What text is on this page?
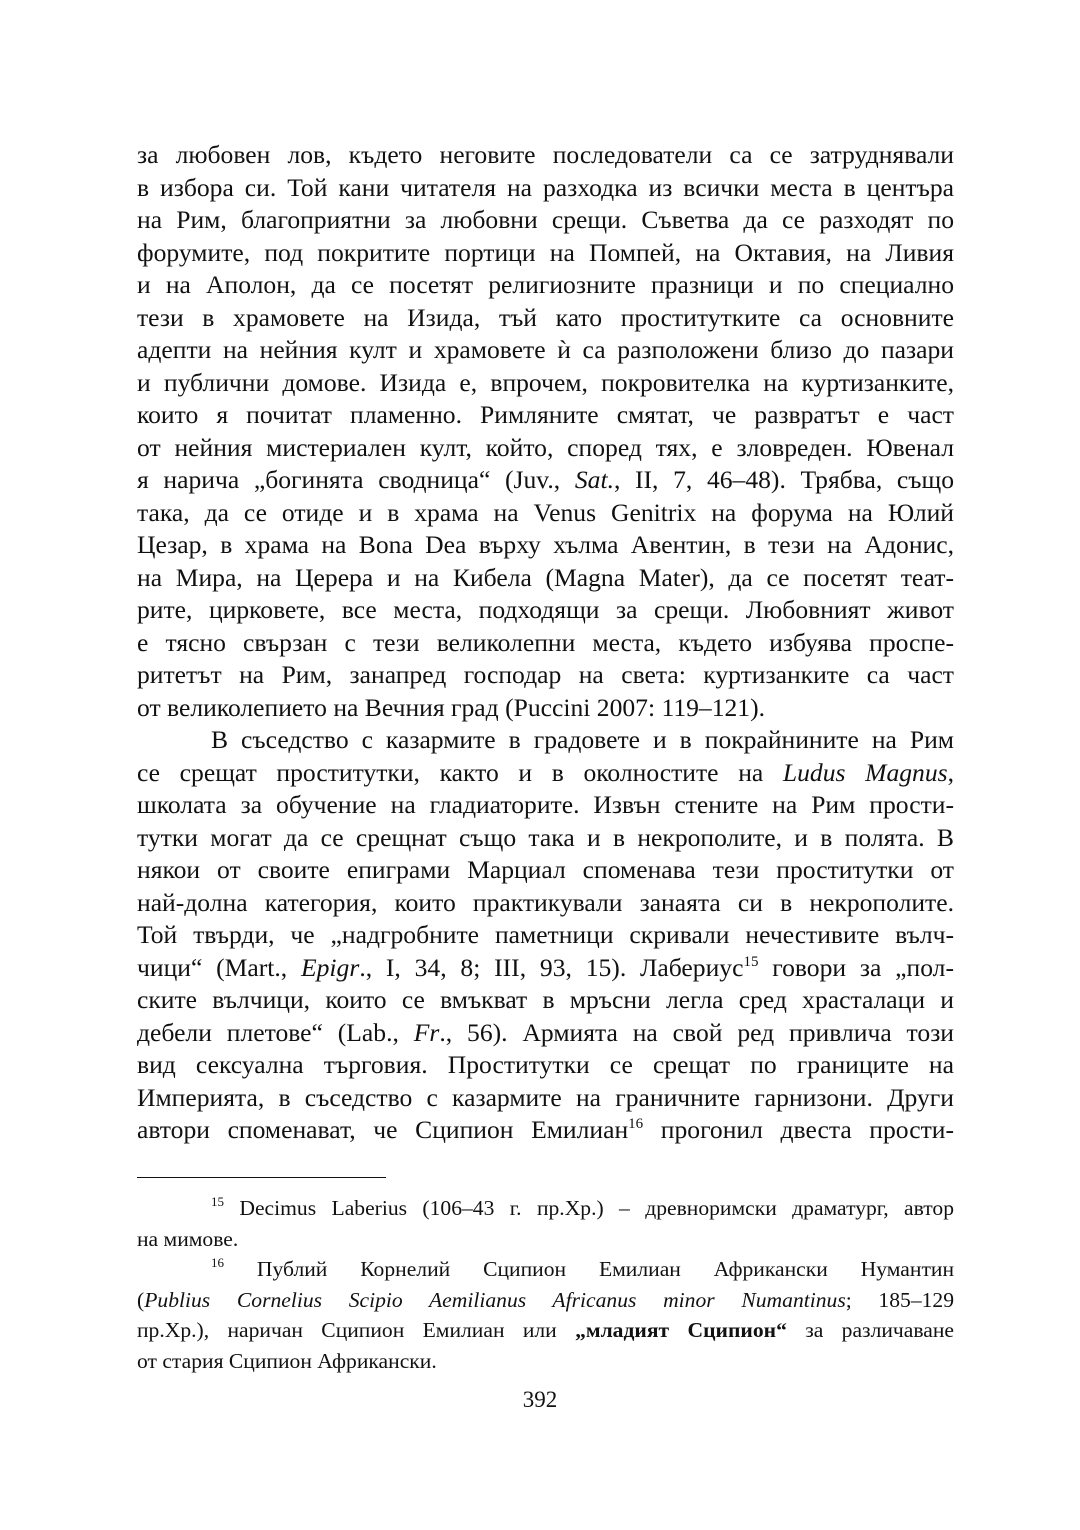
за любовен лов, където неговите последователи са се затруднявали
в избора си. Той кани читателя на разходка из всички места в центъра
на Рим, благоприятни за любовни срещи. Съветва да се разходят по
форумите, под покритите портици на Помпей, на Октавия, на Ливия
и на Аполон, да се посетят религиозните празници и по специално
тези в храмовете на Изида, тъй като проститутките са основните
адепти на нейния култ и храмовете ѝ са разположени близо до пазари
и публични домове. Изида е, впрочем, покровителка на куртизанките,
които я почитат пламенно. Римляните смятат, че развратът е част
от нейния мистериален култ, който, според тях, е зловреден. Ювенал
я нарича „богинята сводница“ (Juv., Sat., II, 7, 46–48). Трябва, също
така, да се отиде и в храма на Venus Genitrix на форума на Юлий
Цезар, в храма на Bona Dea върху хълма Авентин, в тези на Адонис,
на Мира, на Церера и на Кибела (Magna Mater), да се посетят теат-
рите, цирковете, все места, подходящи за срещи. Любовният живот
е тясно свързан с тези великолепни места, където избуява проспе-
ритетът на Рим, занапред господар на света: куртизанките са част
от великолепието на Вечния град (Puccini 2007: 119–121).
В съседство с казармите в градовете и в покрайнините на Рим
се срещат проститутки, както и в околностите на Ludus Magnus,
школата за обучение на гладиаторите. Извън стените на Рим прости-
тутки могат да се срещнат също така и в некрополите, и в полята. В
някои от своите епиграми Марциал споменава тези проститутки от
най-долна категория, които практикували занаята си в некрополите.
Той твърди, че „надгробните паметници скривали нечестивите вълч-
чици“ (Mart., Epigr., I, 34, 8; III, 93, 15). Лабериус$^{15}$ говори за „пол-
ските вълчици, които се вмъкват в мръсни легла сред храсталаци и
дебели плетове“ (Lab., Fr., 56). Армията на свой ред привлича този
вид сексуална търговия. Проститутки се срещат по границите на
Империята, в съседство с казармите на граничните гарнизони. Други
автори споменават, че Сципион Емилиан$^{16}$ прогонил двеста прости-
$^{15}$ Decimus Laberius (106–43 г. пр.Хр.) – древноримски драматург, автор
на мимове.
$^{16}$ Публий Корнелий Сципион Емилиан Африкански Нумантин
(Publius Cornelius Scipio Aemilianus Africanus minor Numantinus; 185–129
пр.Хр.), наричан Сципион Емилиан или „младият Сципион“ за различаване
от стария Сципион Африкански.
392
